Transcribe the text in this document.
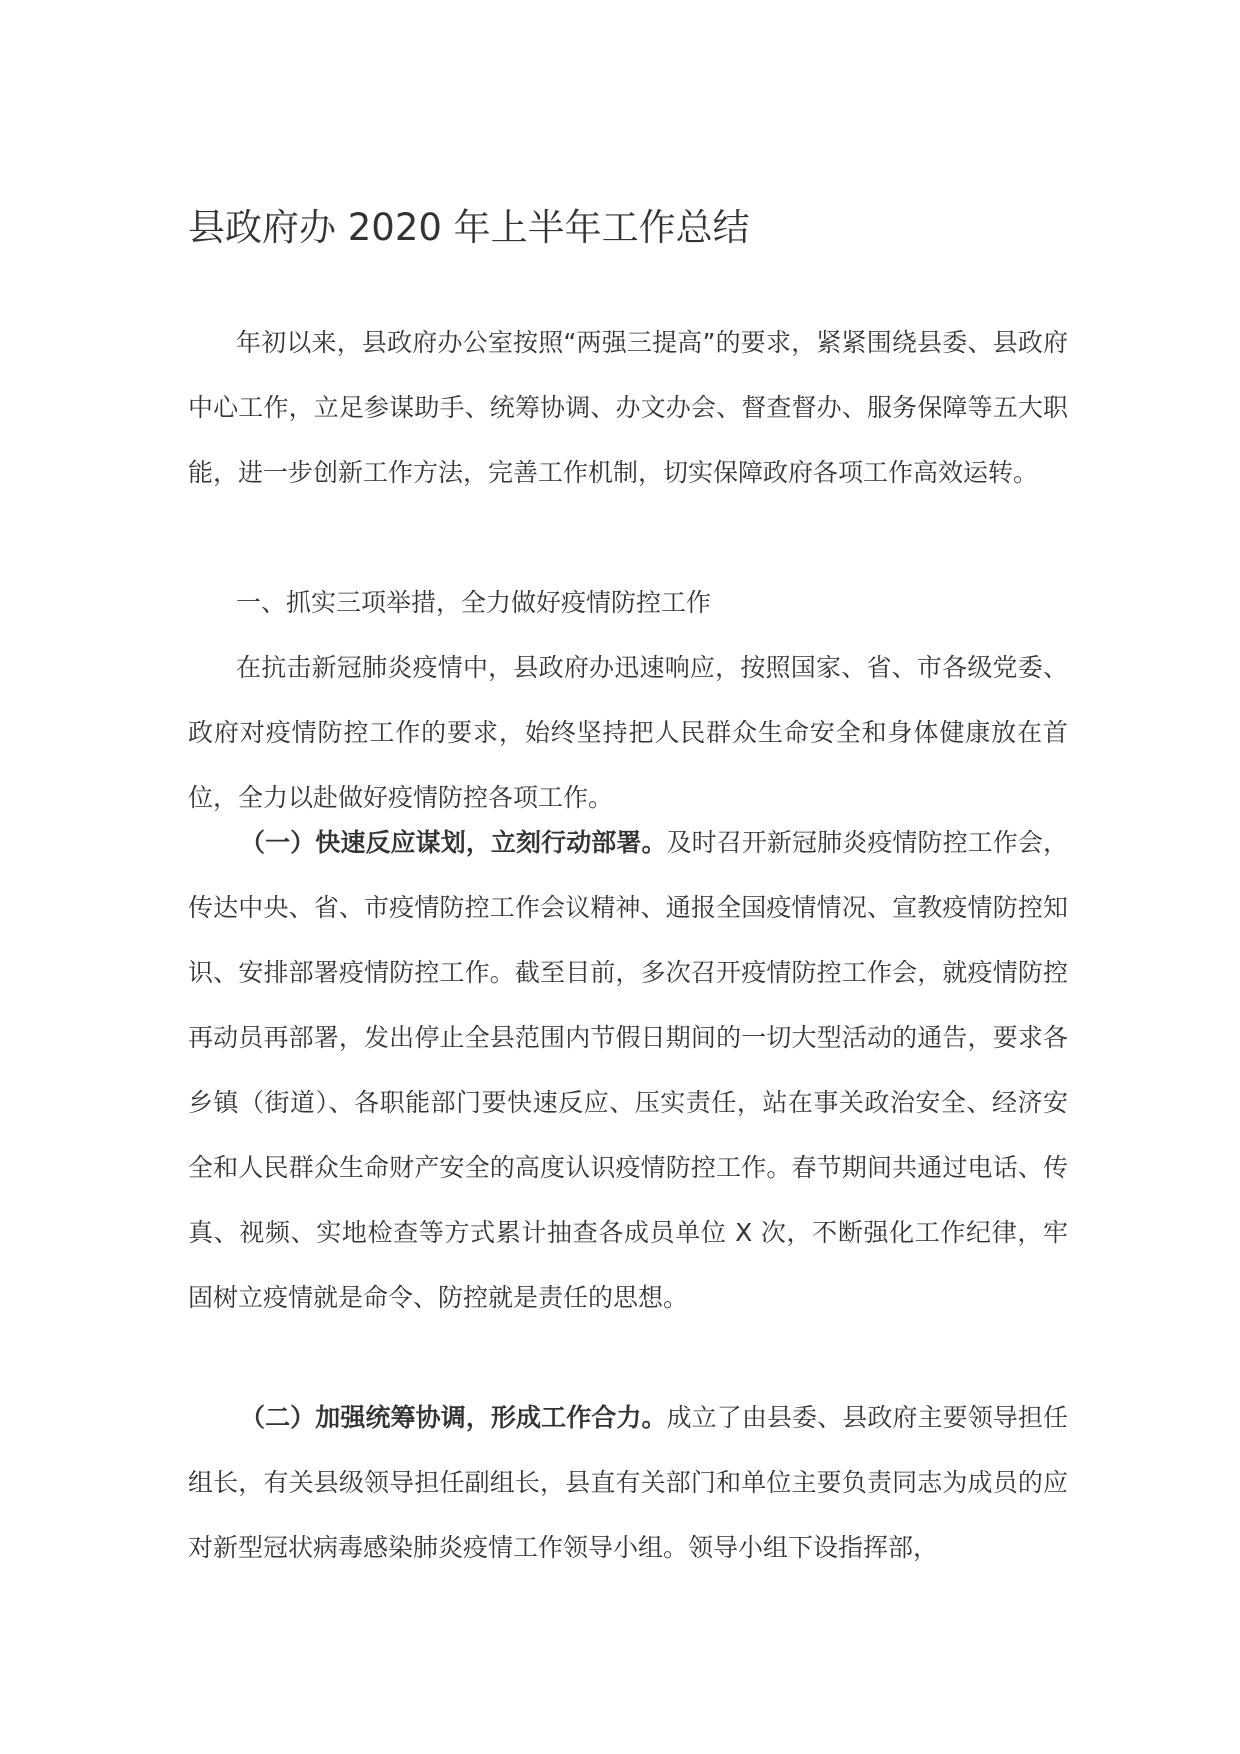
县政府办 2020 年上半年工作总结

年初以来，县政府办公室按照“两强三提高”的要求，紧紧围绕县委、县政府中心工作，立足参谋助手、统筹协调、办文办会、督查督办、服务保障等五大职能，进一步创新工作方法，完善工作机制，切实保障政府各项工作高效运转。

一、抓实三项举措，全力做好疫情防控工作

在抗击新冠肺炎疫情中，县政府办迅速响应，按照国家、省、市各级党委、政府对疫情防控工作的要求，始终坚持把人民群众生命安全和身体健康放在首位，全力以赴做好疫情防控各项工作。

（一）快速反应谋划，立刻行动部署。及时召开新冠肺炎疫情防控工作会，传达中央、省、市疫情防控工作会议精神、通报全国疫情情况、宣教疫情防控知识、安排部署疫情防控工作。截至目前，多次召开疫情防控工作会，就疫情防控再动员再部署，发出停止全县范围内节假日期间的一切大型活动的通告，要求各乡镇（街道）、各职能部门要快速反应、压实责任，站在事关政治安全、经济安全和人民群众生命财产安全的高度认识疫情防控工作。春节期间共通过电话、传真、视频、实地检查等方式累计抽查各成员单位 X 次，不断强化工作纪律，牢固树立疫情就是命令、防控就是责任的思想。

（二）加强统筹协调，形成工作合力。成立了由县委、县政府主要领导担任组长，有关县级领导担任副组长，县直有关部门和单位主要负责同志为成员的应对新型冠状病毒感染肺炎疫情工作领导小组。领导小组下设指挥部，
